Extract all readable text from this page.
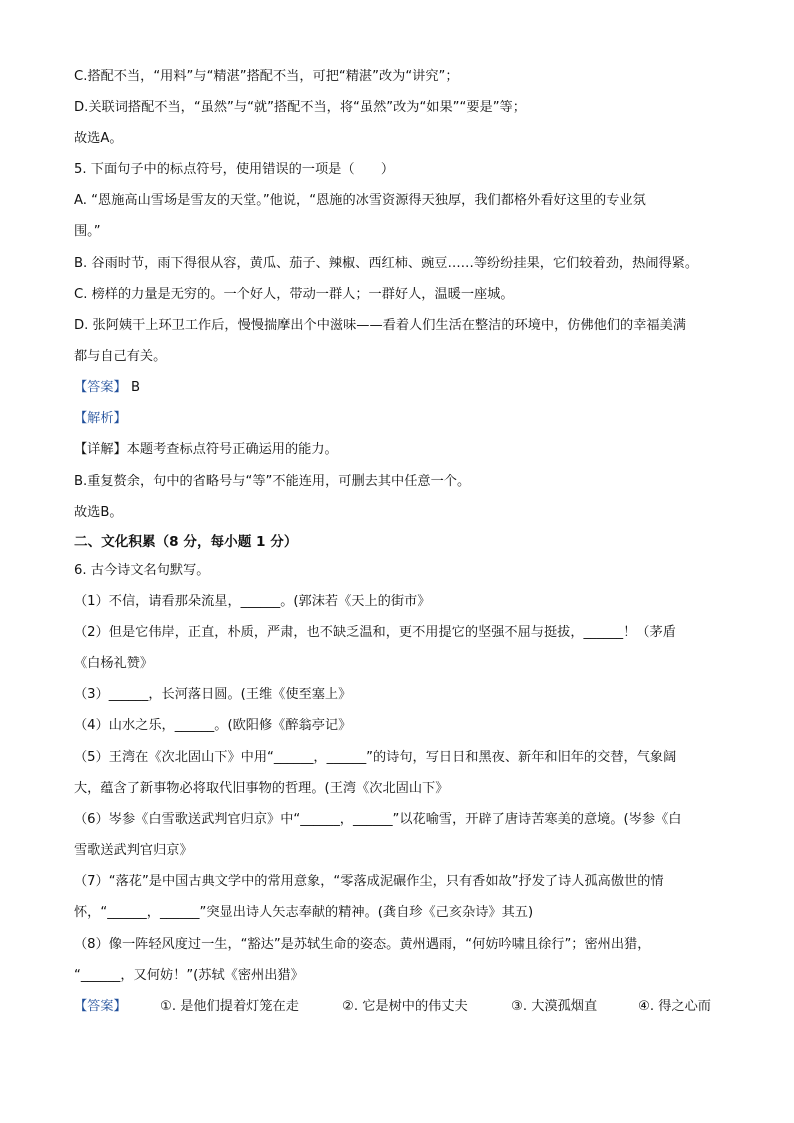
C.搭配不当，“用料”与“精湛”搭配不当，可把“精湛”改为“讲究”；
D.关联词搭配不当，“虽然”与“就”搭配不当，将“虽然”改为“如果”“要是”等；
故选A。
5. 下面句子中的标点符号，使用错误的一项是（　　）
A. “恩施高山雪场是雪友的天堂。”他说，“恩施的冰雪资源得天独厚，我们都格外看好这里的专业氛
围。”
B. 谷雨时节，雨下得很从容，黄瓜、茄子、辣椒、西红柿、豌豆……等纷纷挂果，它们较着劲，热闹得紧。
C. 榜样的力量是无穷的。一个好人，带动一群人；一群好人，温暖一座城。
D. 张阿姨干上环卫工作后，慢慢揣摩出个中滋味——看着人们生活在整洁的环境中，仿佛他们的幸福美满
都与自己有关。
【答案】 B
【解析】
【详解】本题考查标点符号正确运用的能力。
B.重复赘余，句中的省略号与“等”不能连用，可删去其中任意一个。
故选B。
二、文化积累（8 分，每小题 1 分）
6. 古今诗文名句默写。
（1）不信，请看那朵流星，______。(郭沫若《天上的街市》
（2）但是它伟岸，正直，朴质，严肃，也不缺乏温和，更不用提它的坚强不屈与挺拔，______！（茅盾
《白杨礼赞》
（3）______，长河落日圆。(王维《使至塞上》
（4）山水之乐，______。(欧阳修《醉翁亭记》
（5）王湾在《次北固山下》中用“______，______”的诗句，写日日和黑夜、新年和旧年的交替，气象阔
大，蕴含了新事物必将取代旧事物的哲理。(王湾《次北固山下》
（6）岑参《白雪歌送武判官归京》中“______，______”以花喻雪，开辟了唐诗苦寒美的意境。(岑参《白
雪歌送武判官归京》
（7）“落花”是中国古典文学中的常用意象，“零落成泥碾作尘，只有香如故”抒发了诗人孤高傲世的情
怀，“______，______”突显出诗人矢志奉献的精神。(龚自珍《己亥杂诗》其五)
（8）像一阵轻风度过一生，“豁达”是苏轼生命的姿态。黄州遇雨，“何妨吟啸且徐行”；密州出猎，
“______，又何妨！”(苏轼《密州出猎》
【答案】	①. 是他们提着灯笼在走	②. 它是树中的伟丈夫	③. 大漠孤烟直	④. 得之心而
